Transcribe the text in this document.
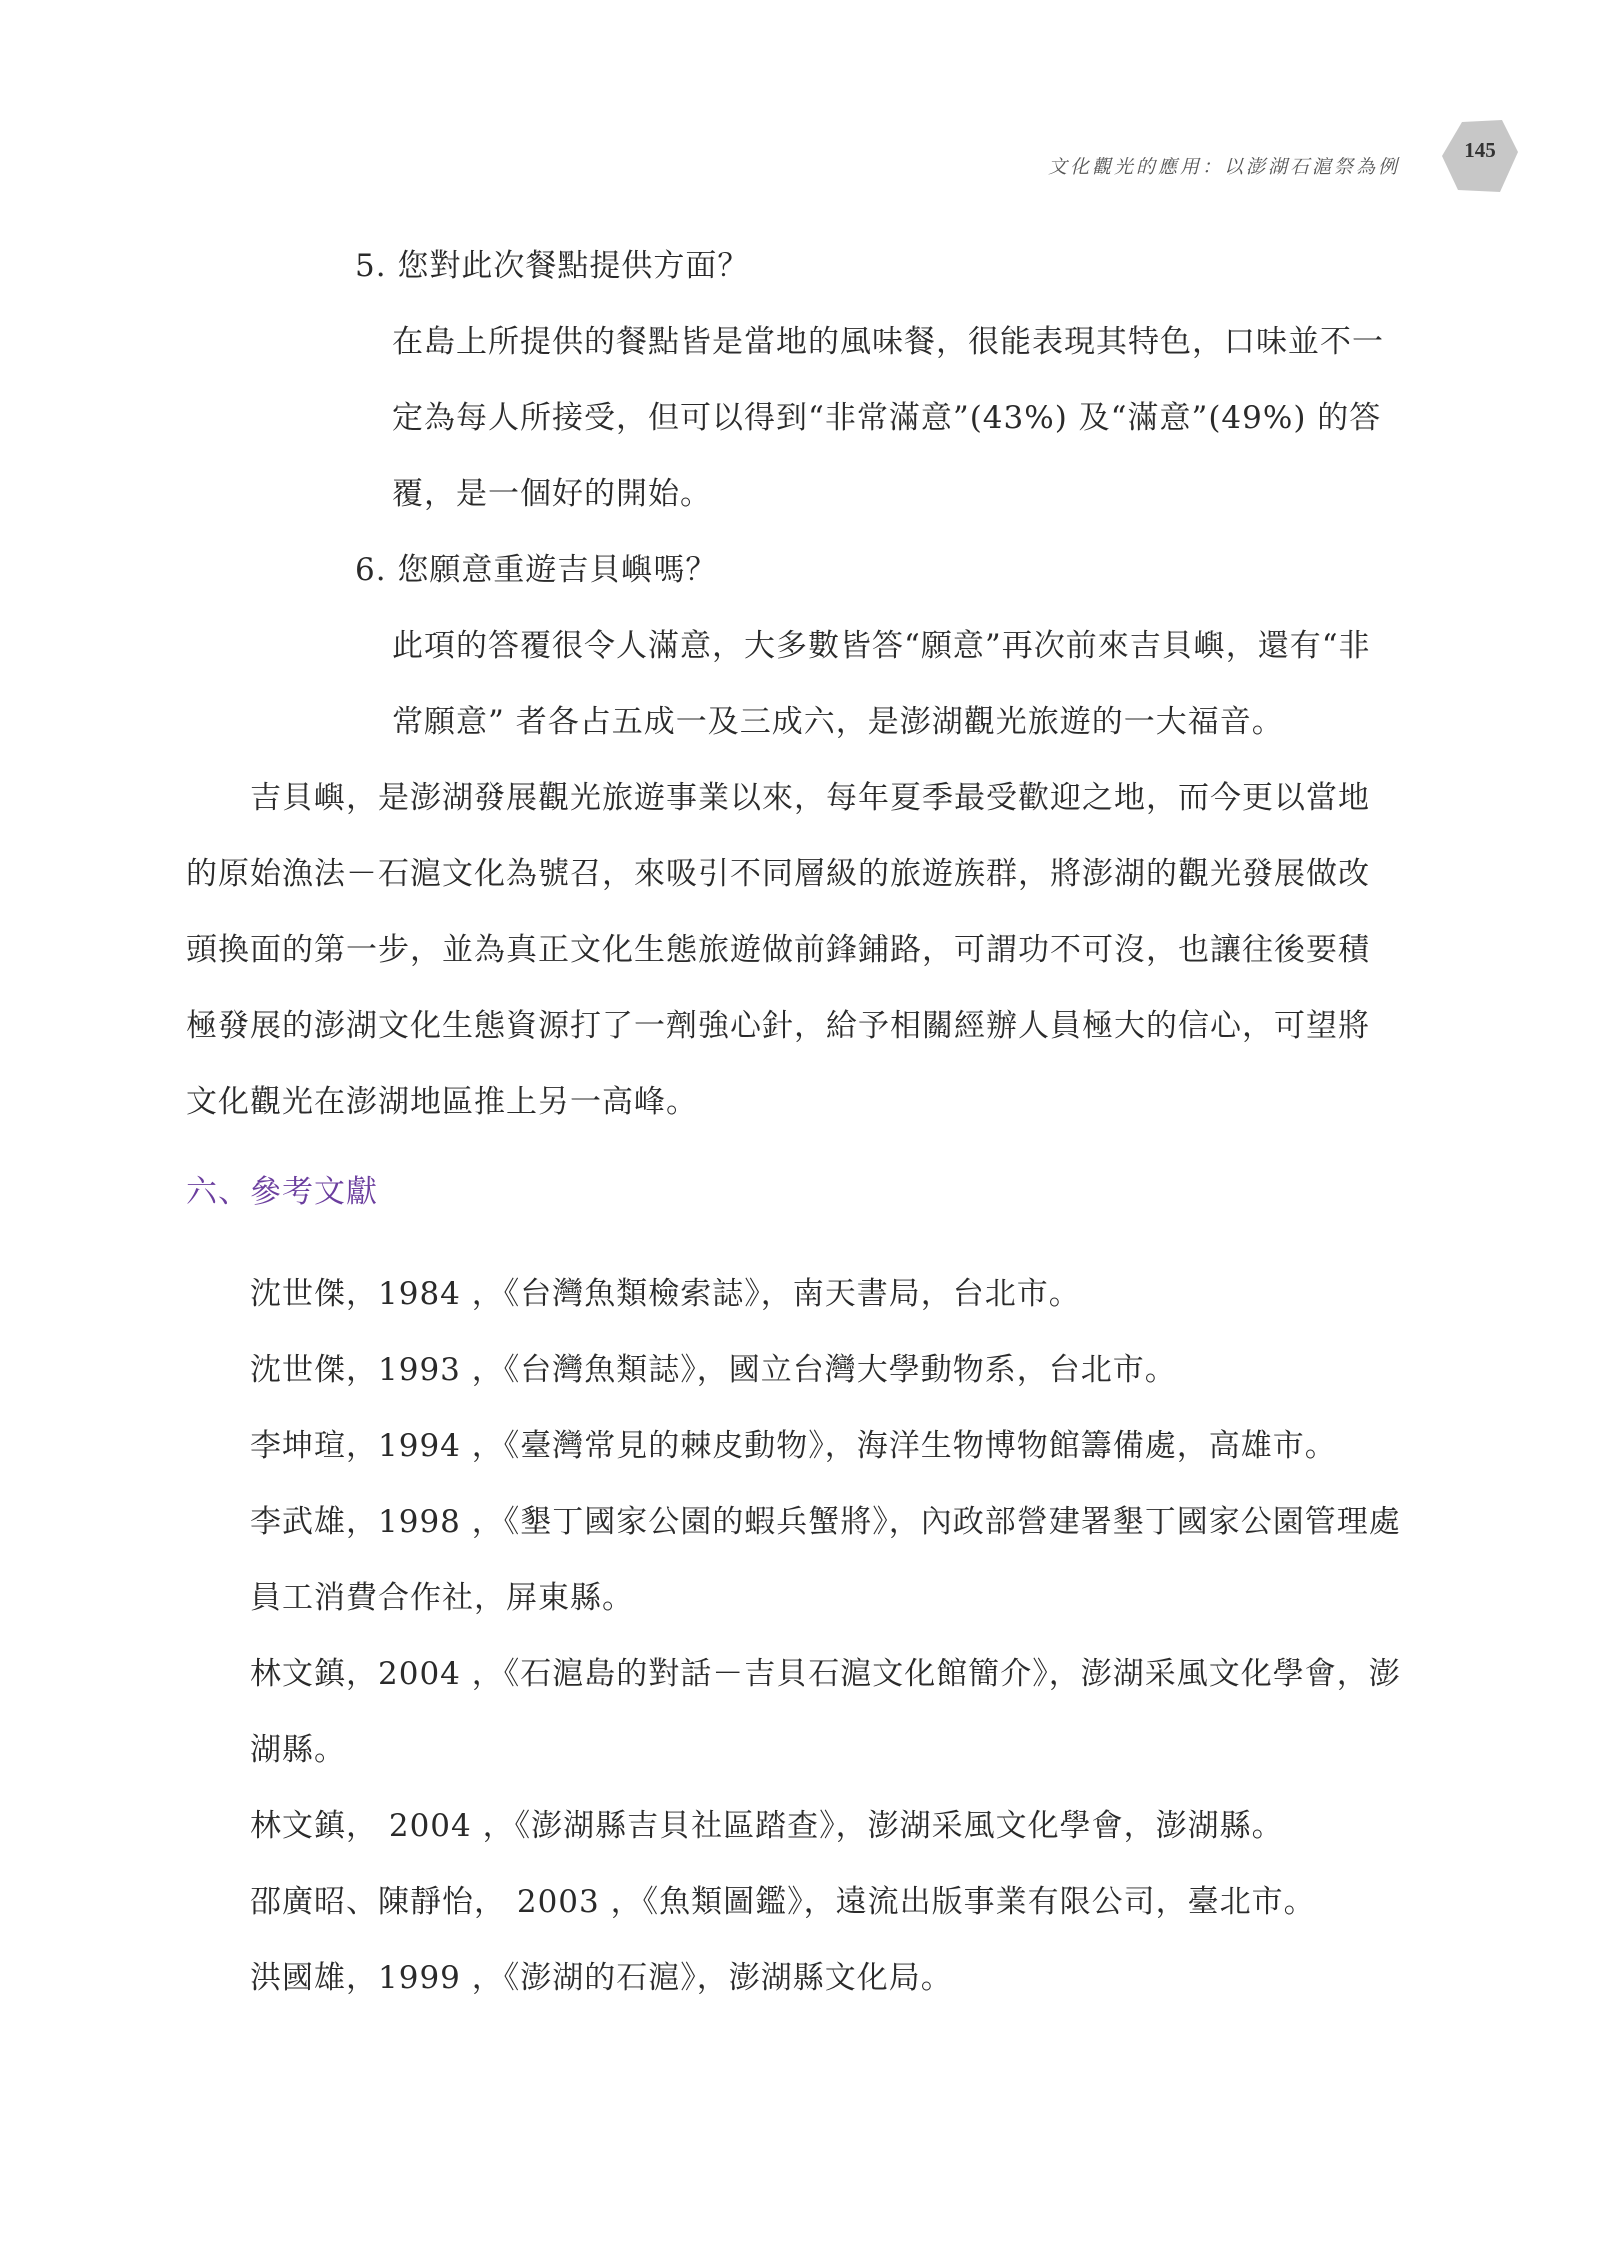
文化觀光的應用：以澎湖石滬祭為例
145
5. 您對此次餐點提供方面？
在島上所提供的餐點皆是當地的風味餐，很能表現其特色，口味並不一
定為每人所接受，但可以得到“非常滿意”(43%) 及“滿意”(49%) 的答
覆，是一個好的開始。
6. 您願意重遊吉貝嶼嗎？
此項的答覆很令人滿意，大多數皆答“願意”再次前來吉貝嶼，還有“非
常願意” 者各占五成一及三成六，是澎湖觀光旅遊的一大福音。
吉貝嶼，是澎湖發展觀光旅遊事業以來，每年夏季最受歡迎之地，而今更以當地
的原始漁法－石滬文化為號召，來吸引不同層級的旅遊族群，將澎湖的觀光發展做改
頭換面的第一步，並為真正文化生態旅遊做前鋒鋪路，可謂功不可沒，也讓往後要積
極發展的澎湖文化生態資源打了一劑強心針，給予相關經辦人員極大的信心，可望將
文化觀光在澎湖地區推上另一高峰。
六、參考文獻
沈世傑，1984 ，《台灣魚類檢索誌》，南天書局，台北市。
沈世傑，1993 ，《台灣魚類誌》，國立台灣大學動物系，台北市。
李坤瑄，1994 ，《臺灣常見的棘皮動物》，海洋生物博物館籌備處，高雄市。
李武雄，1998 ，《墾丁國家公園的蝦兵蟹將》，內政部營建署墾丁國家公園管理處
員工消費合作社，屏東縣。
林文鎮，2004 ，《石滬島的對話－吉貝石滬文化館簡介》，澎湖采風文化學會，澎
湖縣。
林文鎮， 2004 ，《澎湖縣吉貝社區踏查》，澎湖采風文化學會，澎湖縣。
邵廣昭、陳靜怡， 2003 ，《魚類圖鑑》，遠流出版事業有限公司，臺北市。
洪國雄，1999 ，《澎湖的石滬》，澎湖縣文化局。
